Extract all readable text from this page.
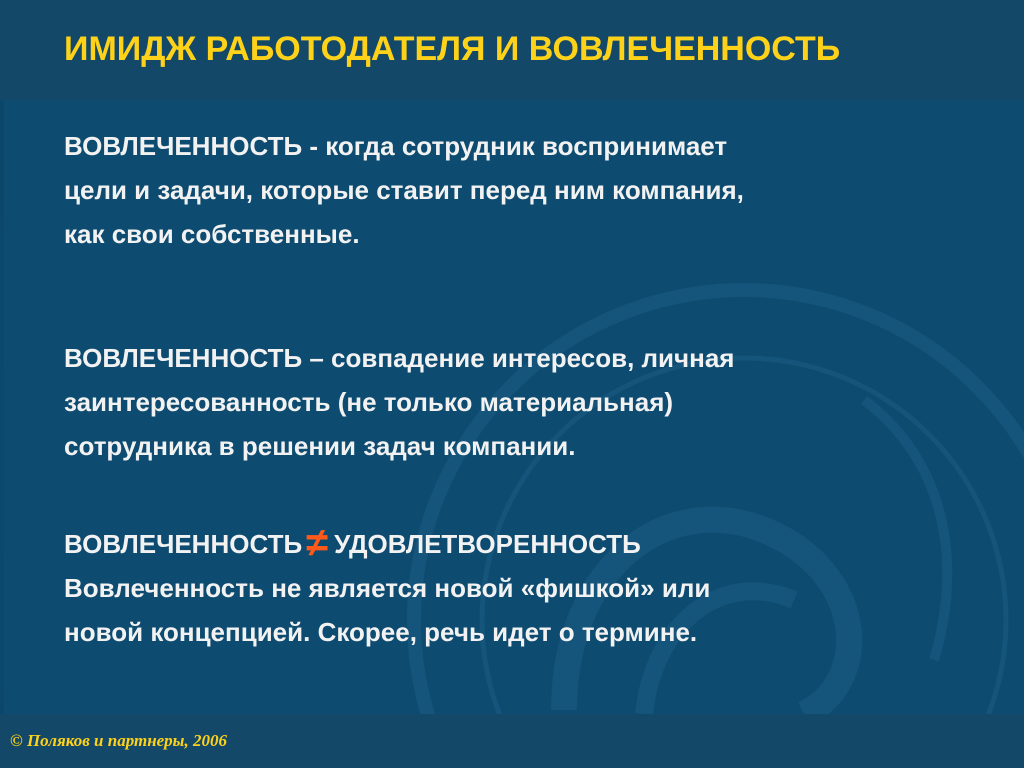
ИМИДЖ РАБОТОДАТЕЛЯ И ВОВЛЕЧЕННОСТЬ

ВОВЛЕЧЕННОСТЬ - когда сотрудник воспринимает
цели и задачи, которые ставит перед ним компания,
как свои собственные.

ВОВЛЕЧЕННОСТЬ – совпадение интересов, личная
заинтересованность (не только материальная)
сотрудника в решении задач компании.

ВОВЛЕЧЕННОСТЬ ≠ УДОВЛЕТВОРЕННОСТЬ
Вовлеченность не является новой «фишкой» или
новой концепцией. Скорее, речь идет о термине.

© Поляков и партнеры, 2006
